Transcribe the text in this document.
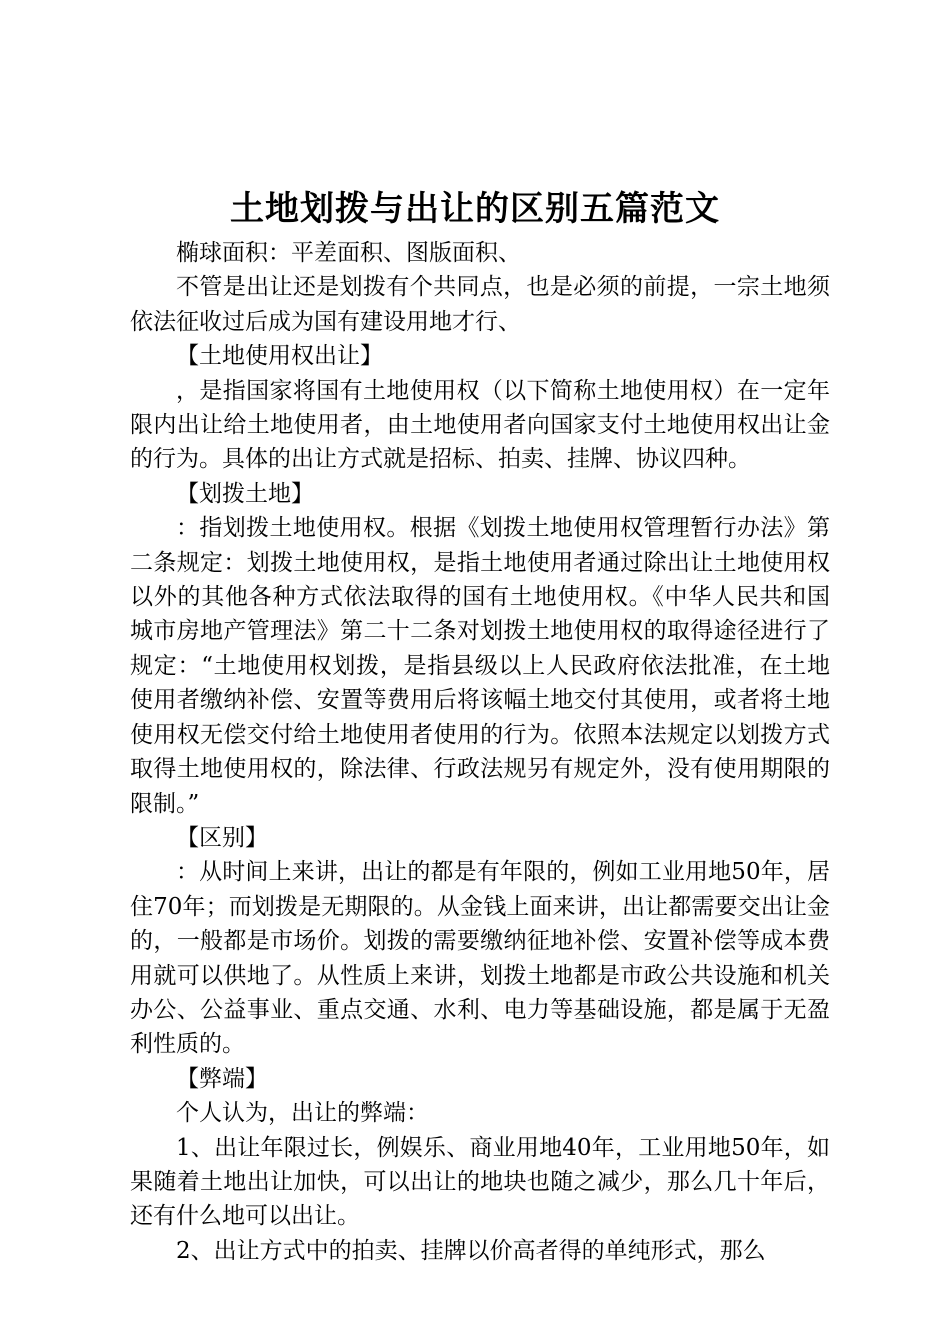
土地划拨与出让的区别五篇范文

椭球面积：平差面积、图版面积、

不管是出让还是划拨有个共同点，也是必须的前提，一宗土地须依法征收过后成为国有建设用地才行、

【土地使用权出让】

，是指国家将国有土地使用权（以下简称土地使用权）在一定年限内出让给土地使用者，由土地使用者向国家支付土地使用权出让金的行为。具体的出让方式就是招标、拍卖、挂牌、协议四种。

【划拨土地】

：指划拨土地使用权。根据《划拨土地使用权管理暂行办法》第二条规定：划拨土地使用权，是指土地使用者通过除出让土地使用权以外的其他各种方式依法取得的国有土地使用权。《中华人民共和国城市房地产管理法》第二十二条对划拨土地使用权的取得途径进行了规定：“土地使用权划拨，是指县级以上人民政府依法批准，在土地使用者缴纳补偿、安置等费用后将该幅土地交付其使用，或者将土地使用权无偿交付给土地使用者使用的行为。依照本法规定以划拨方式取得土地使用权的，除法律、行政法规另有规定外，没有使用期限的限制。”

【区别】

：从时间上来讲，出让的都是有年限的，例如工业用地50年，居住70年；而划拨是无期限的。从金钱上面来讲，出让都需要交出让金的，一般都是市场价。划拨的需要缴纳征地补偿、安置补偿等成本费用就可以供地了。从性质上来讲，划拨土地都是市政公共设施和机关办公、公益事业、重点交通、水利、电力等基础设施，都是属于无盈利性质的。

【弊端】

个人认为，出让的弊端：

1、出让年限过长，例娱乐、商业用地40年，工业用地50年，如果随着土地出让加快，可以出让的地块也随之减少，那么几十年后，还有什么地可以出让。

2、出让方式中的拍卖、挂牌以价高者得的单纯形式，那么
